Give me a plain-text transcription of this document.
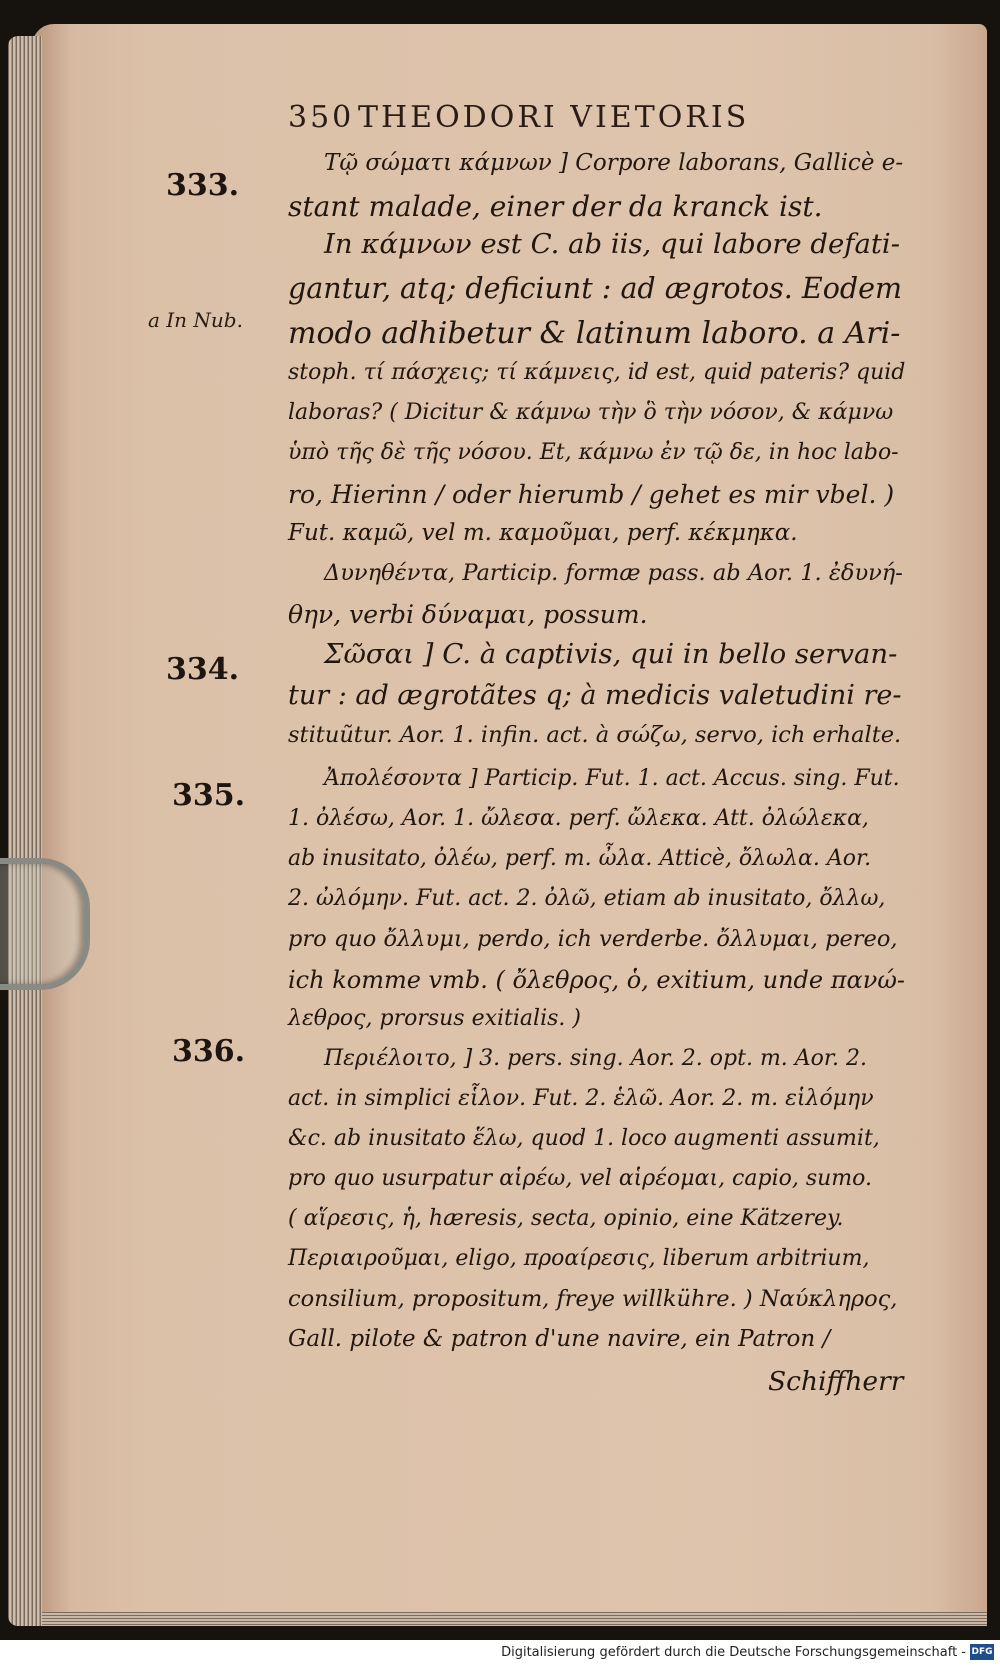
350 THEODORI VIETORIS
333.
a In Nub.
334.
335.
336.
Tῷ σώματι κάμνων ] Corpore laborans, Gallicè e-
stant malade, einer der da kranck ist.
In κάμνων est C. ab iis, qui labore defati-
gantur, atq; deficiunt : ad ægrotos. Eodem
modo adhibetur & latinum laboro. a Ari-
stoph. τί πάσχεις; τί κάμνεις, id est, quid pateris? quid
laboras? ( Dicitur & κάμνω τὴν ὃ τὴν νόσον, & κάμνω
ὑπὸ τῆς δὲ τῆς νόσου. Et, κάμνω ἐν τῷ δε, in hoc labo-
ro, Hierinn / oder hierumb / gehet es mir vbel. )
Fut. καμῶ, vel m. καμοῦμαι, perf. κέκμηκα.
Δυνηθέντα, Particip. formæ pass. ab Aor. 1. ἐδυνή-
θην, verbi δύναμαι, possum.
Σῶσαι ] C. à captivis, qui in bello servan-
tur : ad ægrotãtes q; à medicis valetudini re-
stituũtur. Aor. 1. infin. act. à σώζω, servo, ich erhalte.
Ἀπολέσοντα ] Particip. Fut. 1. act. Accus. sing. Fut.
1. ὀλέσω, Aor. 1. ὤλεσα. perf. ὤλεκα. Att. ὀλώλεκα,
ab inusitato, ὀλέω, perf. m. ὦλα. Atticè, ὄλωλα. Aor.
2. ὠλόμην. Fut. act. 2. ὀλῶ, etiam ab inusitato, ὄλλω,
pro quo ὄλλυμι, perdo, ich verderbe. ὄλλυμαι, pereo,
ich komme vmb. ( ὄλεθρος, ὁ, exitium, unde πανώ-
λεθρος, prorsus exitialis. )
Περιέλοιτο, ] 3. pers. sing. Aor. 2. opt. m. Aor. 2.
act. in simplici εἷλον. Fut. 2. ἑλῶ. Aor. 2. m. εἱλόμην
&c. ab inusitato ἕλω, quod 1. loco augmenti assumit,
pro quo usurpatur αἱρέω, vel αἱρέομαι, capio, sumo.
( αἵρεσις, ἡ, hæresis, secta, opinio, eine Kätzerey.
Περιαιροῦμαι, eligo, προαίρεσις, liberum arbitrium,
consilium, propositum, freye willkühre. ) Ναύκληρος,
Gall. pilote & patron d'une navire, ein Patron /
Schiffherr
Digitalisierung gefördert durch die Deutsche Forschungsgemeinschaft - DFG
